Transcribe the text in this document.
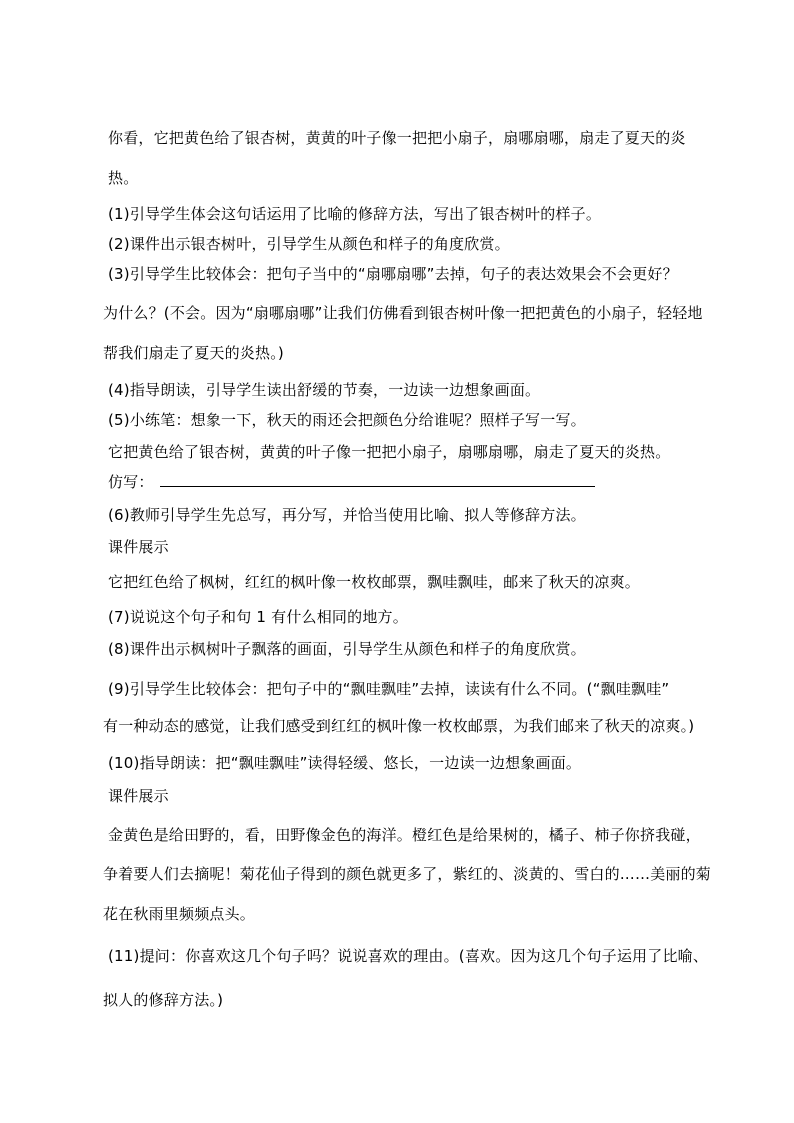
你看，它把黄色给了银杏树，黄黄的叶子像一把把小扇子，扇哪扇哪，扇走了夏天的炎
热。
(1)引导学生体会这句话运用了比喻的修辞方法，写出了银杏树叶的样子。
(2)课件出示银杏树叶，引导学生从颜色和样子的角度欣赏。
(3)引导学生比较体会：把句子当中的“扇哪扇哪”去掉，句子的表达效果会不会更好？
为什么？(不会。因为“扇哪扇哪”让我们仿佛看到银杏树叶像一把把黄色的小扇子，轻轻地
帮我们扇走了夏天的炎热。)
(4)指导朗读，引导学生读出舒缓的节奏，一边读一边想象画面。
(5)小练笔：想象一下，秋天的雨还会把颜色分给谁呢？照样子写一写。
它把黄色给了银杏树，黄黄的叶子像一把把小扇子，扇哪扇哪，扇走了夏天的炎热。
仿写：
(6)教师引导学生先总写，再分写，并恰当使用比喻、拟人等修辞方法。
课件展示
它把红色给了枫树，红红的枫叶像一枚枚邮票，飘哇飘哇，邮来了秋天的凉爽。
(7)说说这个句子和句 1 有什么相同的地方。
(8)课件出示枫树叶子飘落的画面，引导学生从颜色和样子的角度欣赏。
(9)引导学生比较体会：把句子中的“飘哇飘哇”去掉，读读有什么不同。(“飘哇飘哇”
有一种动态的感觉，让我们感受到红红的枫叶像一枚枚邮票，为我们邮来了秋天的凉爽。)
(10)指导朗读：把“飘哇飘哇”读得轻缓、悠长，一边读一边想象画面。
课件展示
金黄色是给田野的，看，田野像金色的海洋。橙红色是给果树的，橘子、柿子你挤我碰，
争着要人们去摘呢！菊花仙子得到的颜色就更多了，紫红的、淡黄的、雪白的……美丽的菊
花在秋雨里频频点头。
(11)提问：你喜欢这几个句子吗？说说喜欢的理由。(喜欢。因为这几个句子运用了比喻、
拟人的修辞方法。)
